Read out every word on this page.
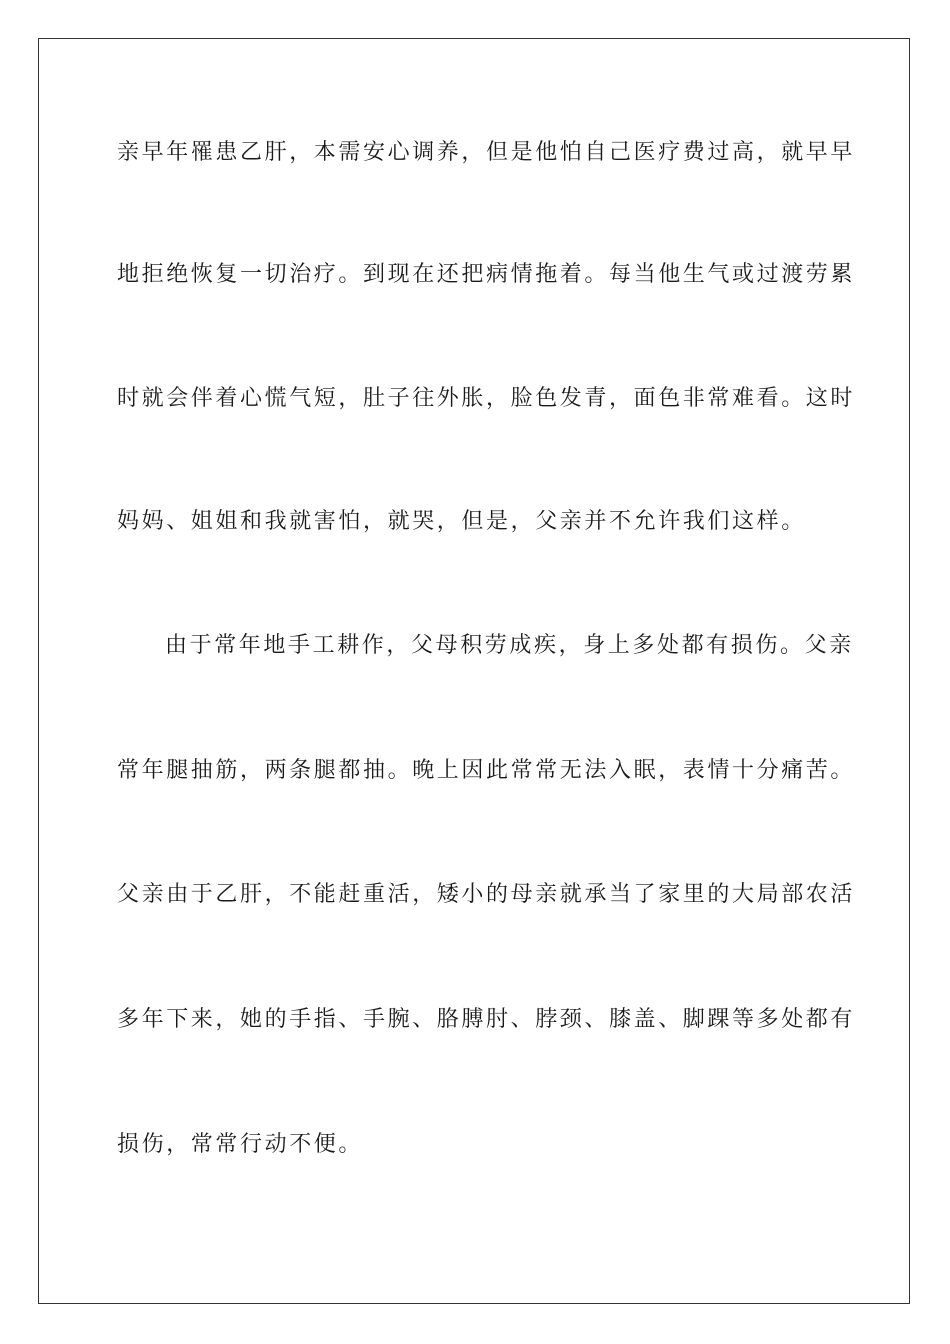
亲早年罹患乙肝，本需安心调养，但是他怕自己医疗费过高，就早早

地拒绝恢复一切治疗。到现在还把病情拖着。每当他生气或过渡劳累

时就会伴着心慌气短，肚子往外胀，脸色发青，面色非常难看。这时

妈妈、姐姐和我就害怕，就哭，但是，父亲并不允许我们这样。

由于常年地手工耕作，父母积劳成疾，身上多处都有损伤。父亲

常年腿抽筋，两条腿都抽。晚上因此常常无法入眠，表情十分痛苦。

父亲由于乙肝，不能赶重活，矮小的母亲就承当了家里的大局部农活

多年下来，她的手指、手腕、胳膊肘、脖颈、膝盖、脚踝等多处都有

损伤，常常行动不便。
